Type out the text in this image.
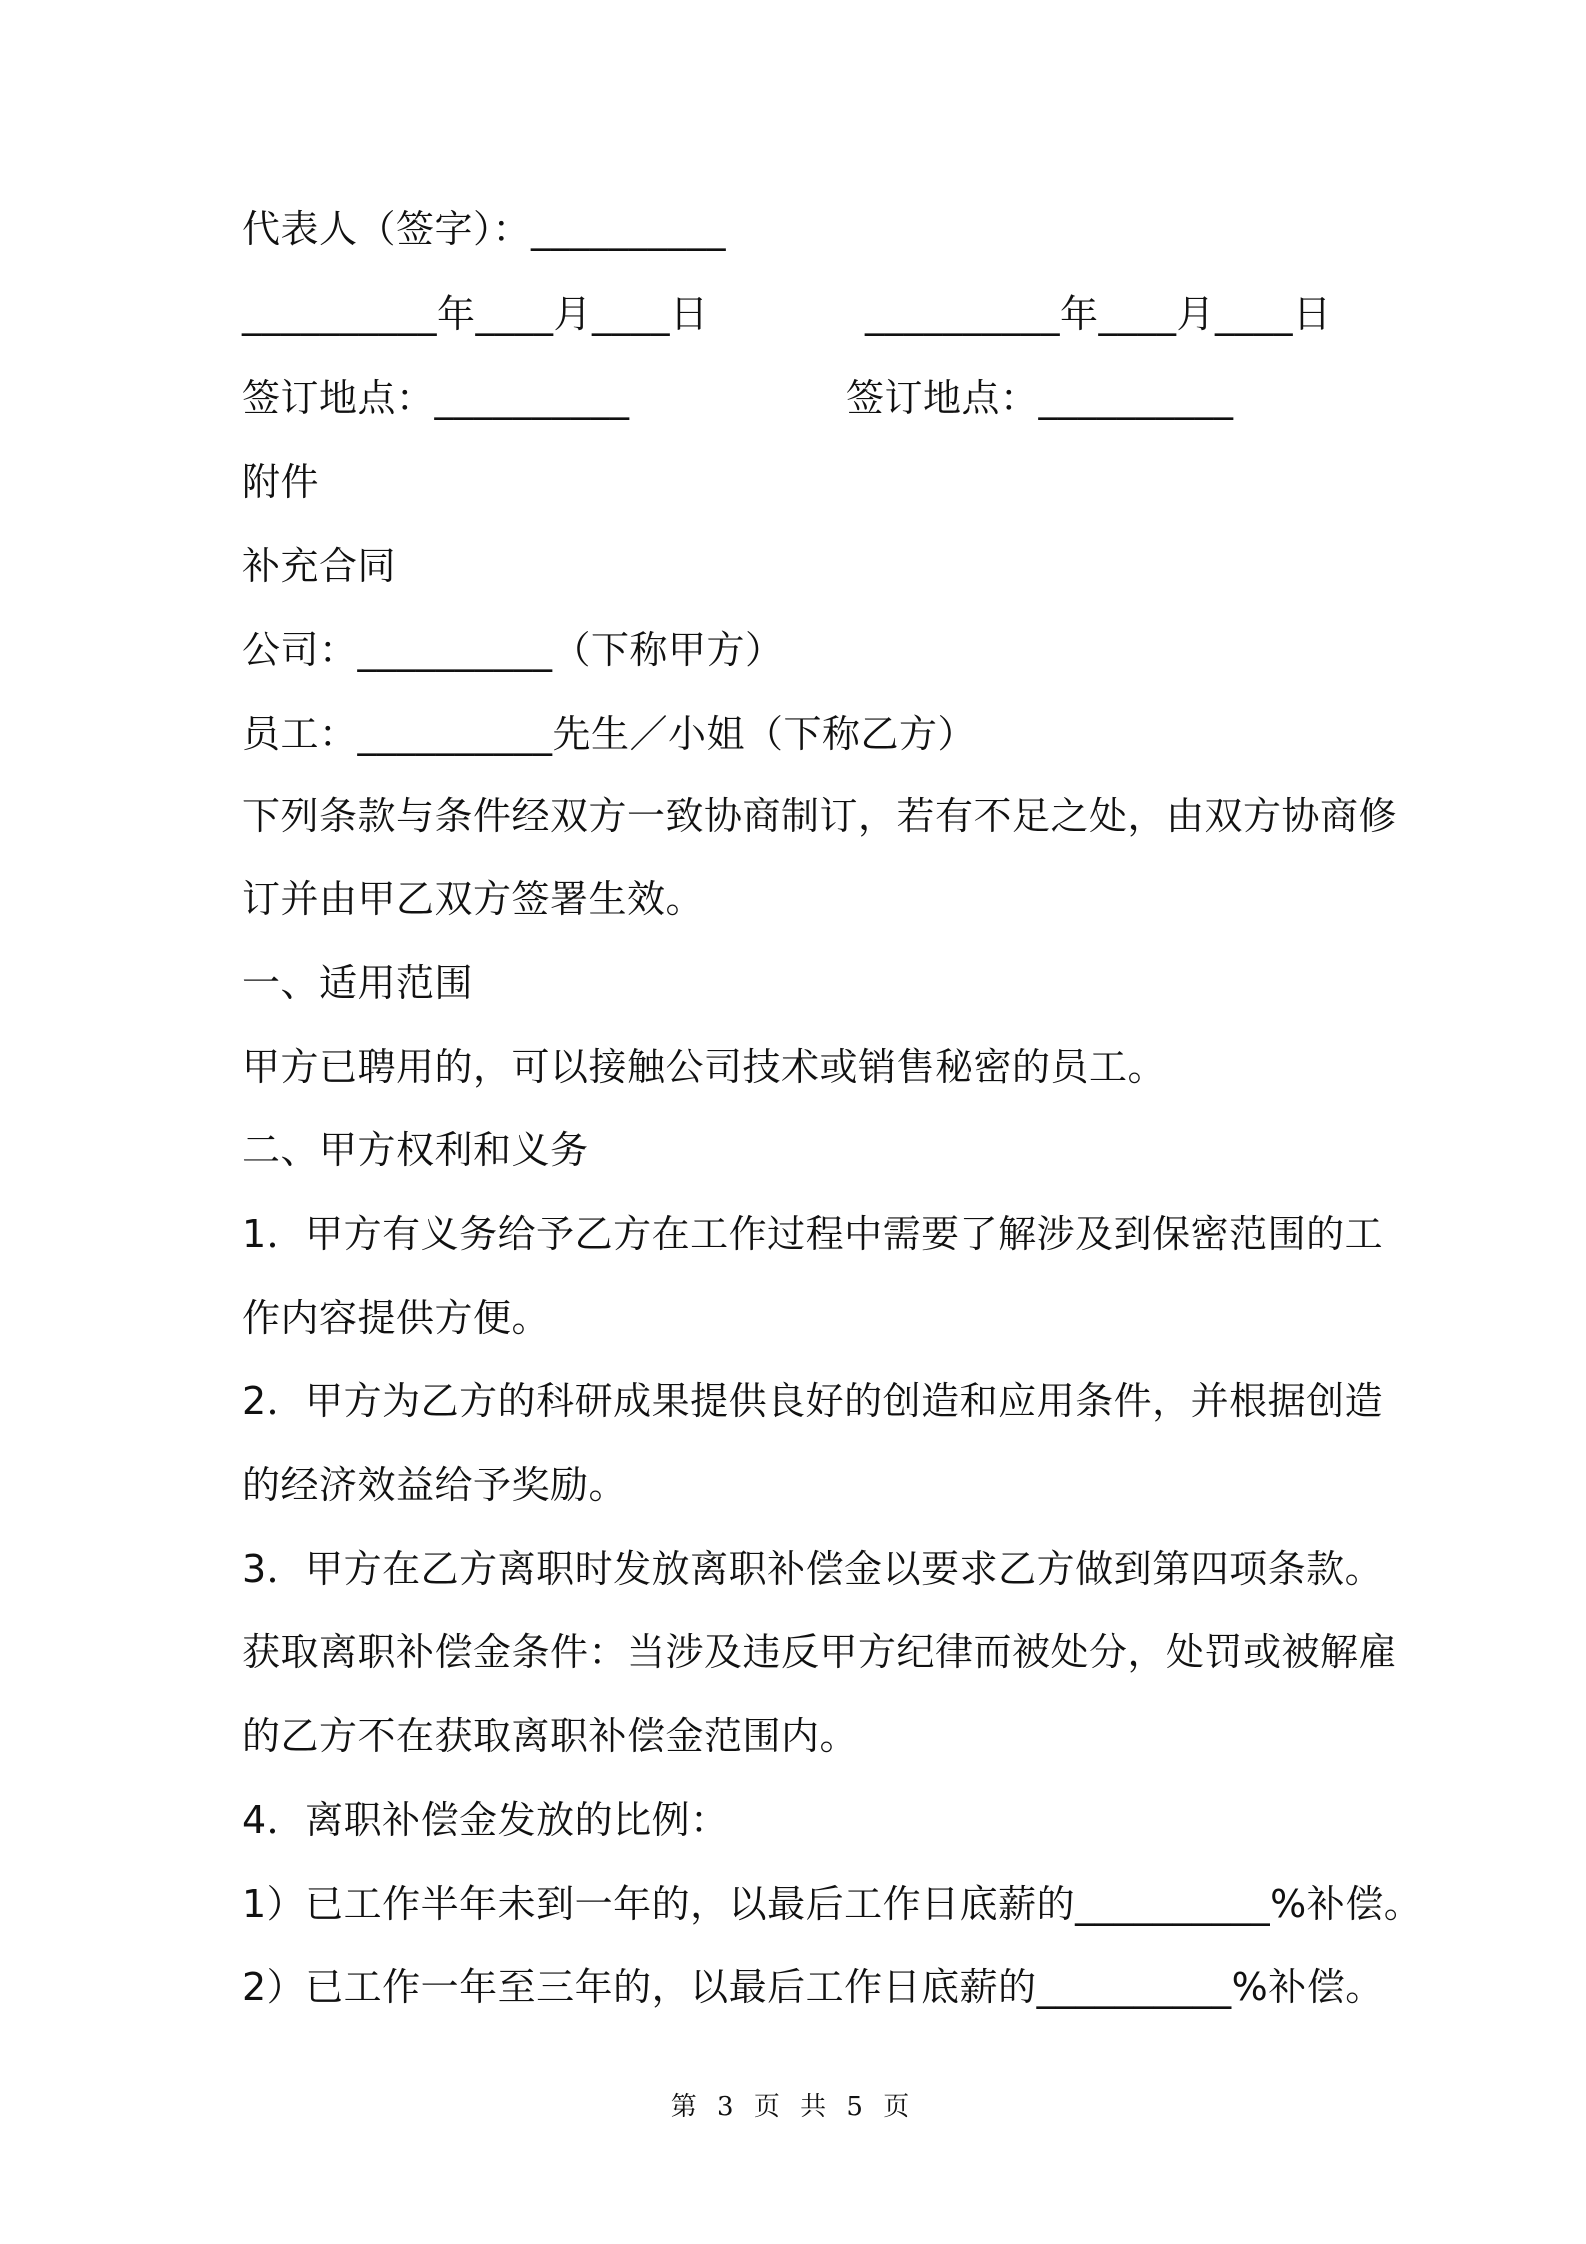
代表人（签字）：__________
__________年____月____日	__________年____月____日
签订地点：__________	签订地点：__________
附件
补充合同
公司：__________（下称甲方）
员工：__________先生／小姐（下称乙方）
下列条款与条件经双方一致协商制订，若有不足之处，由双方协商修
订并由甲乙双方签署生效。
一、适用范围
甲方已聘用的，可以接触公司技术或销售秘密的员工。
二、甲方权利和义务
1．甲方有义务给予乙方在工作过程中需要了解涉及到保密范围的工
作内容提供方便。
2．甲方为乙方的科研成果提供良好的创造和应用条件，并根据创造
的经济效益给予奖励。
3．甲方在乙方离职时发放离职补偿金以要求乙方做到第四项条款。
获取离职补偿金条件：当涉及违反甲方纪律而被处分，处罚或被解雇
的乙方不在获取离职补偿金范围内。
4．离职补偿金发放的比例：
1）已工作半年未到一年的，以最后工作日底薪的__________%补偿。
2）已工作一年至三年的，以最后工作日底薪的__________%补偿。
第 3 页 共 5 页
